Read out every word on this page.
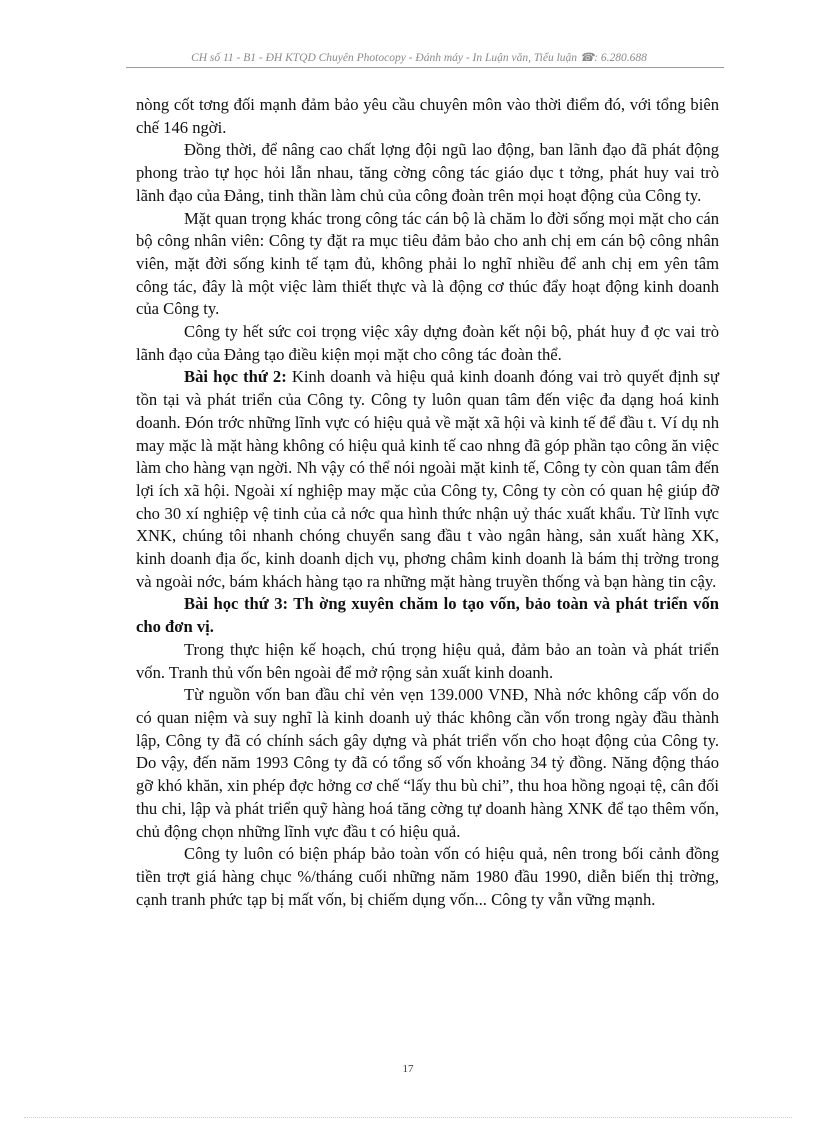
CH số 11 - B1 - ĐH KTQD Chuyên Photocopy - Đánh máy - In Luận văn, Tiểu luận ☎: 6.280.688

nòng cốt tơng đối mạnh đảm bảo yêu cầu chuyên môn vào thời điểm đó, với tổng biên chế 146 ngời.

Đồng thời, để nâng cao chất lợng đội ngũ lao động, ban lãnh đạo đã phát động phong trào tự học hỏi lẫn nhau, tăng cờng công tác giáo dục t tởng, phát huy vai trò lãnh đạo của Đảng, tinh thần làm chủ của công đoàn trên mọi hoạt động của Công ty.

Mặt quan trọng khác trong công tác cán bộ là chăm lo đời sống mọi mặt cho cán bộ công nhân viên: Công ty đặt ra mục tiêu đảm bảo cho anh chị em cán bộ công nhân viên, mặt đời sống kinh tế tạm đủ, không phải lo nghĩ nhiều để anh chị em yên tâm công tác, đây là một việc làm thiết thực và là động cơ thúc đẩy hoạt động kinh doanh của Công ty.

Công ty hết sức coi trọng việc xây dựng đoàn kết nội bộ, phát huy đ ợc vai trò lãnh đạo của Đảng tạo điều kiện mọi mặt cho công tác đoàn thể.

Bài học thứ 2: Kinh doanh và hiệu quả kinh doanh đóng vai trò quyết định sự tồn tại và phát triển của Công ty. Công ty luôn quan tâm đến việc đa dạng hoá kinh doanh. Đón trớc những lĩnh vực có hiệu quả về mặt xã hội và kinh tế để đầu t. Ví dụ nh may mặc là mặt hàng không có hiệu quả kinh tế cao nhng đã góp phần tạo công ăn việc làm cho hàng vạn ngời. Nh vậy có thể nói ngoài mặt kinh tế, Công ty còn quan tâm đến lợi ích xã hội. Ngoài xí nghiệp may mặc của Công ty, Công ty còn có quan hệ giúp đỡ cho 30 xí nghiệp vệ tinh của cả nớc qua hình thức nhận uỷ thác xuất khẩu. Từ lĩnh vực XNK, chúng tôi nhanh chóng chuyển sang đầu t vào ngân hàng, sản xuất hàng XK, kinh doanh địa ốc, kinh doanh dịch vụ, phơng châm kinh doanh là bám thị trờng trong và ngoài nớc, bám khách hàng tạo ra những mặt hàng truyền thống và bạn hàng tin cậy.

Bài học thứ 3: Th ờng xuyên chăm lo tạo vốn, bảo toàn và phát triển vốn cho đơn vị.

Trong thực hiện kế hoạch, chú trọng hiệu quả, đảm bảo an toàn và phát triển vốn. Tranh thủ vốn bên ngoài để mở rộng sản xuất kinh doanh.

Từ nguồn vốn ban đầu chỉ vẻn vẹn 139.000 VNĐ, Nhà nớc không cấp vốn do có quan niệm và suy nghĩ là kinh doanh uỷ thác không cần vốn trong ngày đầu thành lập, Công ty đã có chính sách gây dựng và phát triển vốn cho hoạt động của Công ty. Do vậy, đến năm 1993 Công ty đã có tổng số vốn khoảng 34 tỷ đồng. Năng động tháo gỡ khó khăn, xin phép đợc hởng cơ chế “lấy thu bù chi”, thu hoa hồng ngoại tệ, cân đối thu chi, lập và phát triển quỹ hàng hoá tăng cờng tự doanh hàng XNK để tạo thêm vốn, chủ động chọn những lĩnh vực đầu t có hiệu quả.

Công ty luôn có biện pháp bảo toàn vốn có hiệu quả, nên trong bối cảnh đồng tiền trợt giá hàng chục %/tháng cuối những năm 1980 đầu 1990, diễn biến thị trờng, cạnh tranh phức tạp bị mất vốn, bị chiếm dụng vốn... Công ty vẫn vững mạnh.

17
